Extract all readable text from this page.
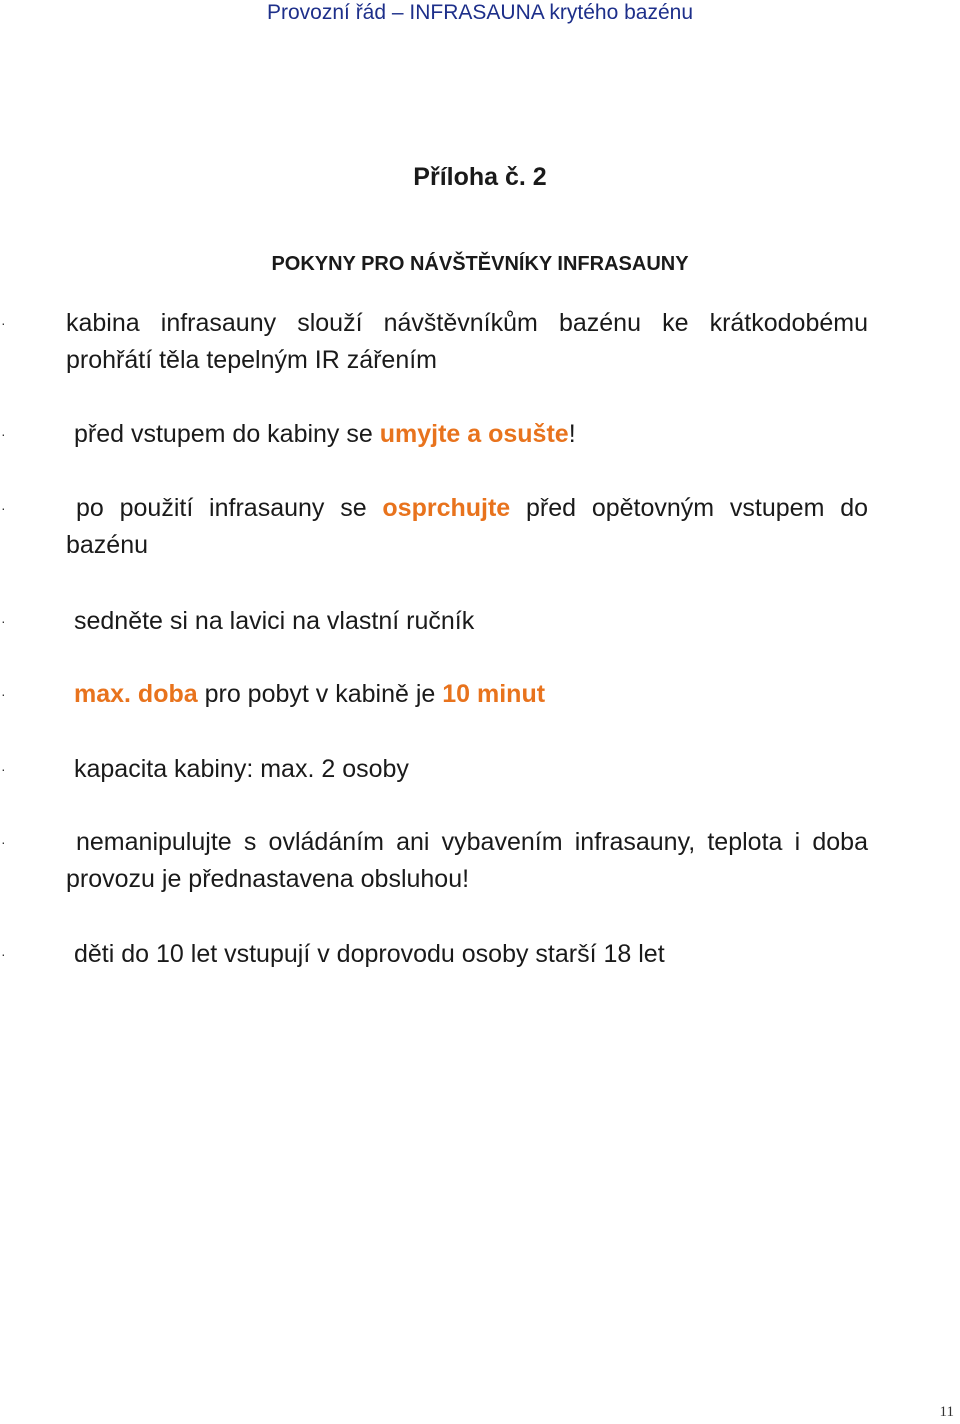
Provozní řád – INFRASAUNA krytého bazénu
Příloha č. 2
POKYNY PRO NÁVŠTĚVNÍKY INFRASAUNY
· kabina infrasauny slouží návštěvníkům bazénu ke krátkodobému prohřátí těla tepelným IR zářením
·	před vstupem do kabiny se umyjte a osušte!
·	po použití infrasauny se osprchujte před opětovným vstupem do bazénu
·	sedněte si na lavici na vlastní ručník
·	max. doba pro pobyt v kabině je 10 minut
·	kapacita kabiny: max. 2 osoby
·	nemanipulujte s ovládáním ani vybavením infrasauny, teplota i doba provozu je přednastavena obsluhou!
·	děti do 10 let vstupují v doprovodu osoby starší 18 let
11
